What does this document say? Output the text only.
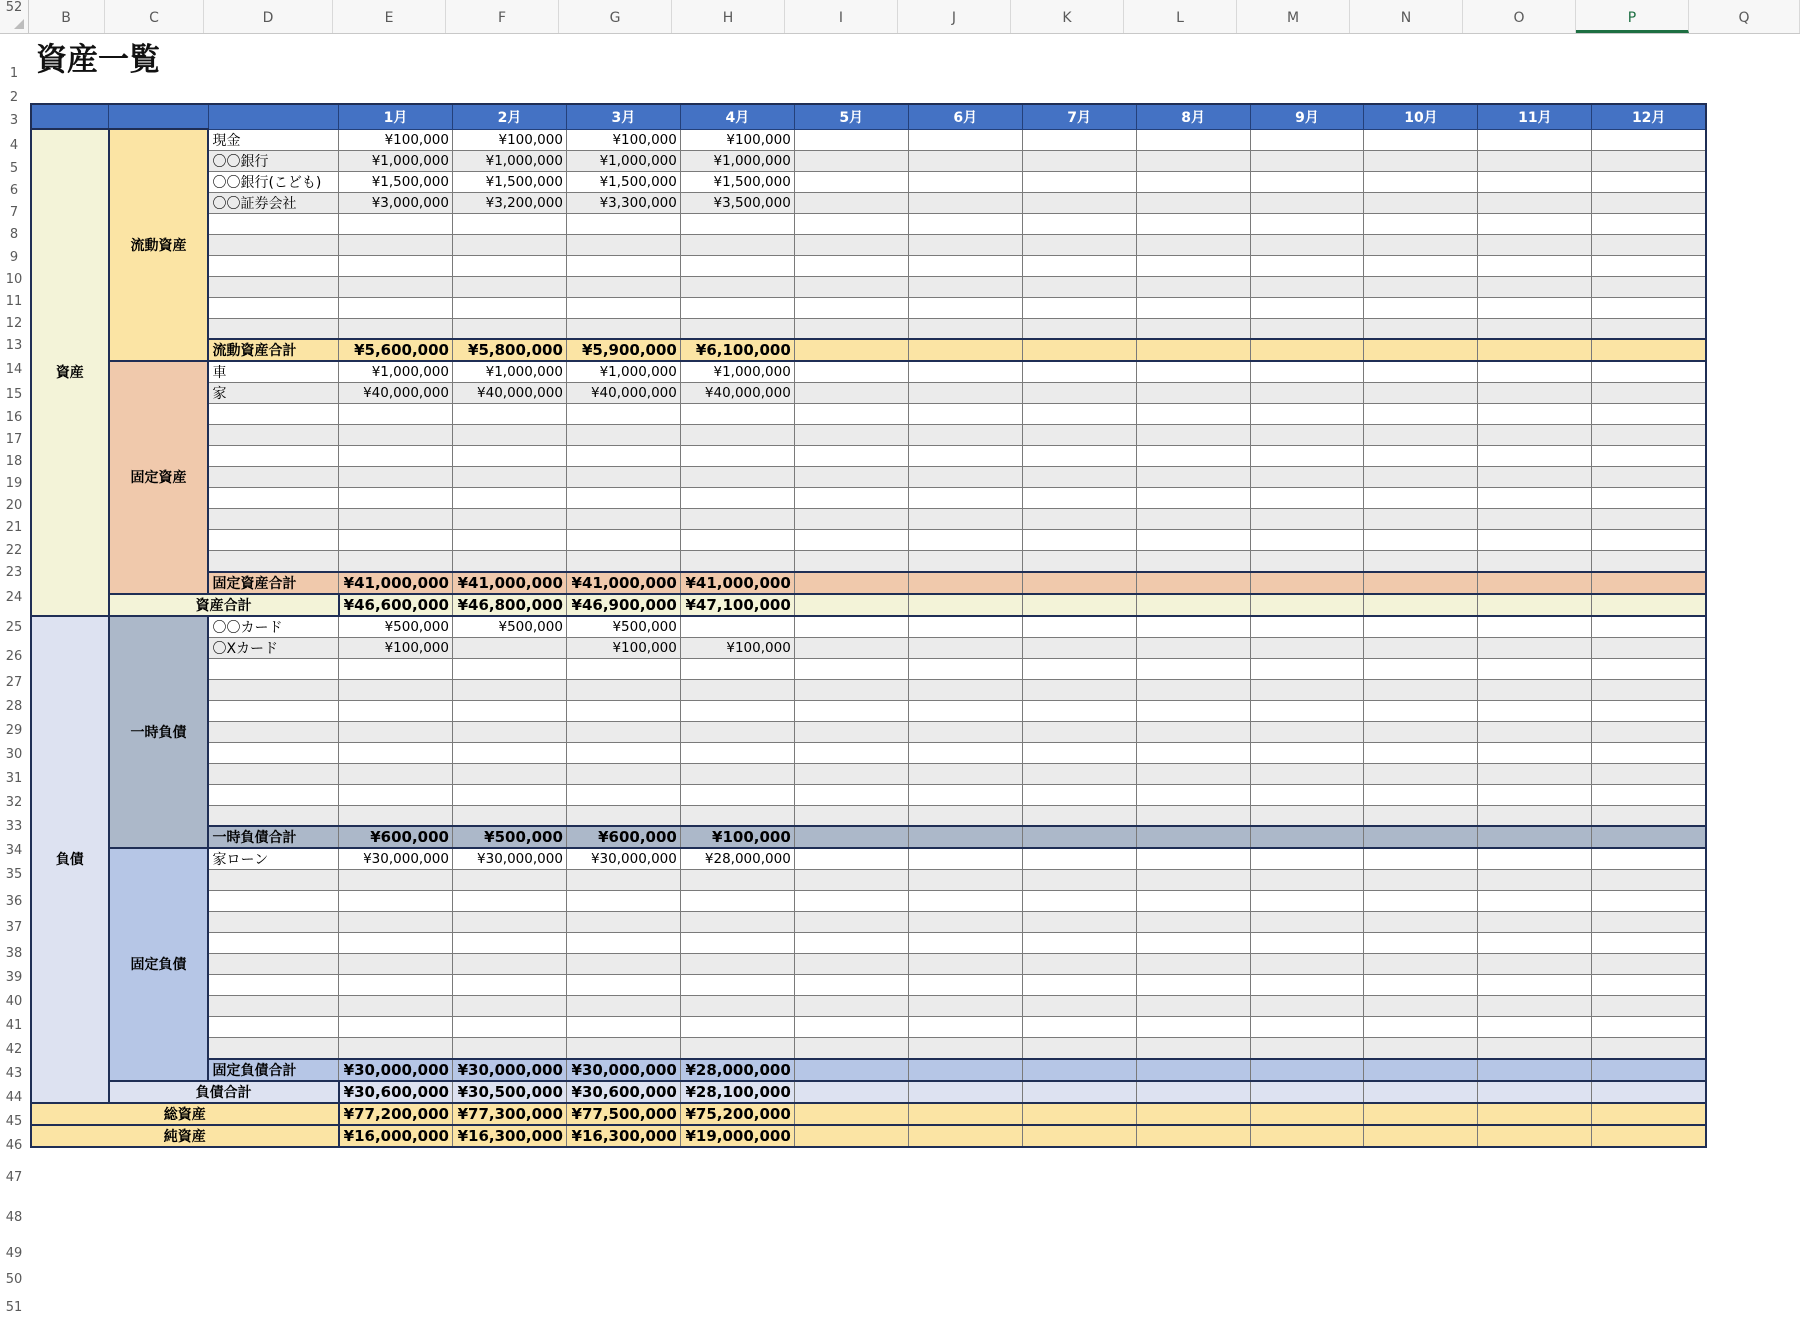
B	C	D	E	F	G	H	I	J	K	L	M	N	O	P	Q
1
2
3
4
5
6
7
8
9
10
11
12
13
14
15
16
17
18
19
20
21
22
23
24
25
26
27
28
29
30
31
32
33
34
35
36
37
38
39
40
41
42
43
44
45
46
47
48
49
50
51
52
資産一覧
			1月	2月	3月	4月	5月	6月	7月	8月	9月	10月	11月	12月
資産	流動資産	現金	¥100,000	¥100,000	¥100,000	¥100,000								
		〇〇銀行	¥1,000,000	¥1,000,000	¥1,000,000	¥1,000,000								
		〇〇銀行(こども)	¥1,500,000	¥1,500,000	¥1,500,000	¥1,500,000								
		〇〇証券会社	¥3,000,000	¥3,200,000	¥3,300,000	¥3,500,000								

		流動資産合計	¥5,600,000	¥5,800,000	¥5,900,000	¥6,100,000								
	固定資産	車	¥1,000,000	¥1,000,000	¥1,000,000	¥1,000,000								
		家	¥40,000,000	¥40,000,000	¥40,000,000	¥40,000,000								

		固定資産合計	¥41,000,000	¥41,000,000	¥41,000,000	¥41,000,000								
	資産合計		¥46,600,000	¥46,800,000	¥46,900,000	¥47,100,000								
負債	一時負債	〇〇カード	¥500,000	¥500,000	¥500,000									
		〇Xカード	¥100,000		¥100,000	¥100,000								

		一時負債合計	¥600,000	¥500,000	¥600,000	¥100,000								
	固定負債	家ローン	¥30,000,000	¥30,000,000	¥30,000,000	¥28,000,000								

		固定負債合計	¥30,000,000	¥30,000,000	¥30,000,000	¥28,000,000								
	負債合計		¥30,600,000	¥30,500,000	¥30,600,000	¥28,100,000								
総資産			¥77,200,000	¥77,300,000	¥77,500,000	¥75,200,000								
純資産			¥16,000,000	¥16,300,000	¥16,300,000	¥19,000,000								
